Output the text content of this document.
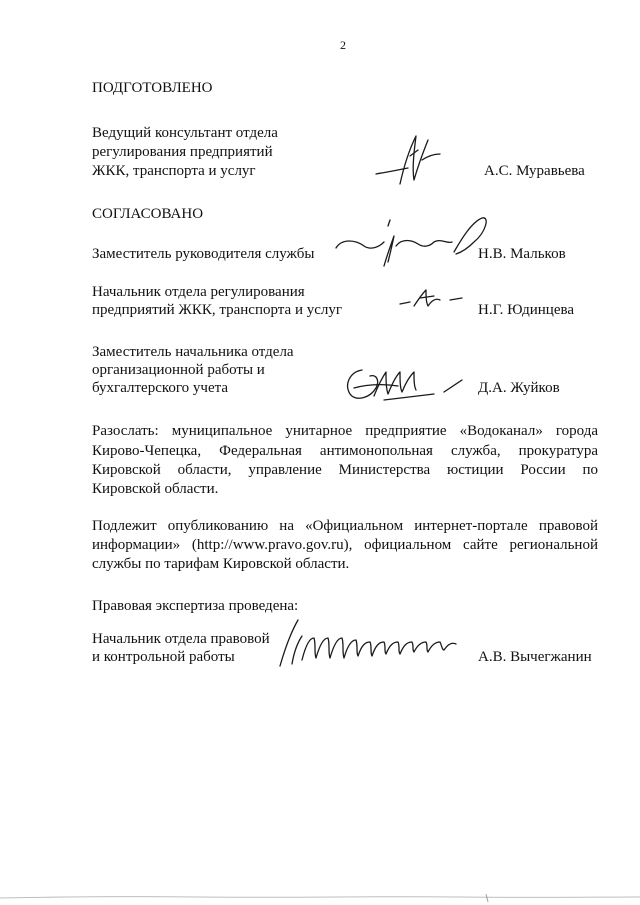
2
ПОДГОТОВЛЕНО
Ведущий консультант отдела
регулирования предприятий
ЖКК, транспорта и услуг	А.С. Муравьева
СОГЛАСОВАНО
Заместитель руководителя службы	Н.В. Мальков
Начальник отдела регулирования
предприятий ЖКК, транспорта и услуг	Н.Г. Юдинцева
Заместитель начальника отдела
организационной работы и
бухгалтерского учета	Д.А. Жуйков
Разослать: муниципальное унитарное предприятие «Водоканал» города
Кирово-Чепецка, Федеральная антимонопольная служба, прокуратура
Кировской области, управление Министерства юстиции России по
Кировской области.
Подлежит опубликованию на «Официальном интернет-портале правовой
информации» (http://www.pravo.gov.ru), официальном сайте региональной
службы по тарифам Кировской области.
Правовая экспертиза проведена:
Начальник отдела правовой
и контрольной работы	А.В. Вычегжанин
